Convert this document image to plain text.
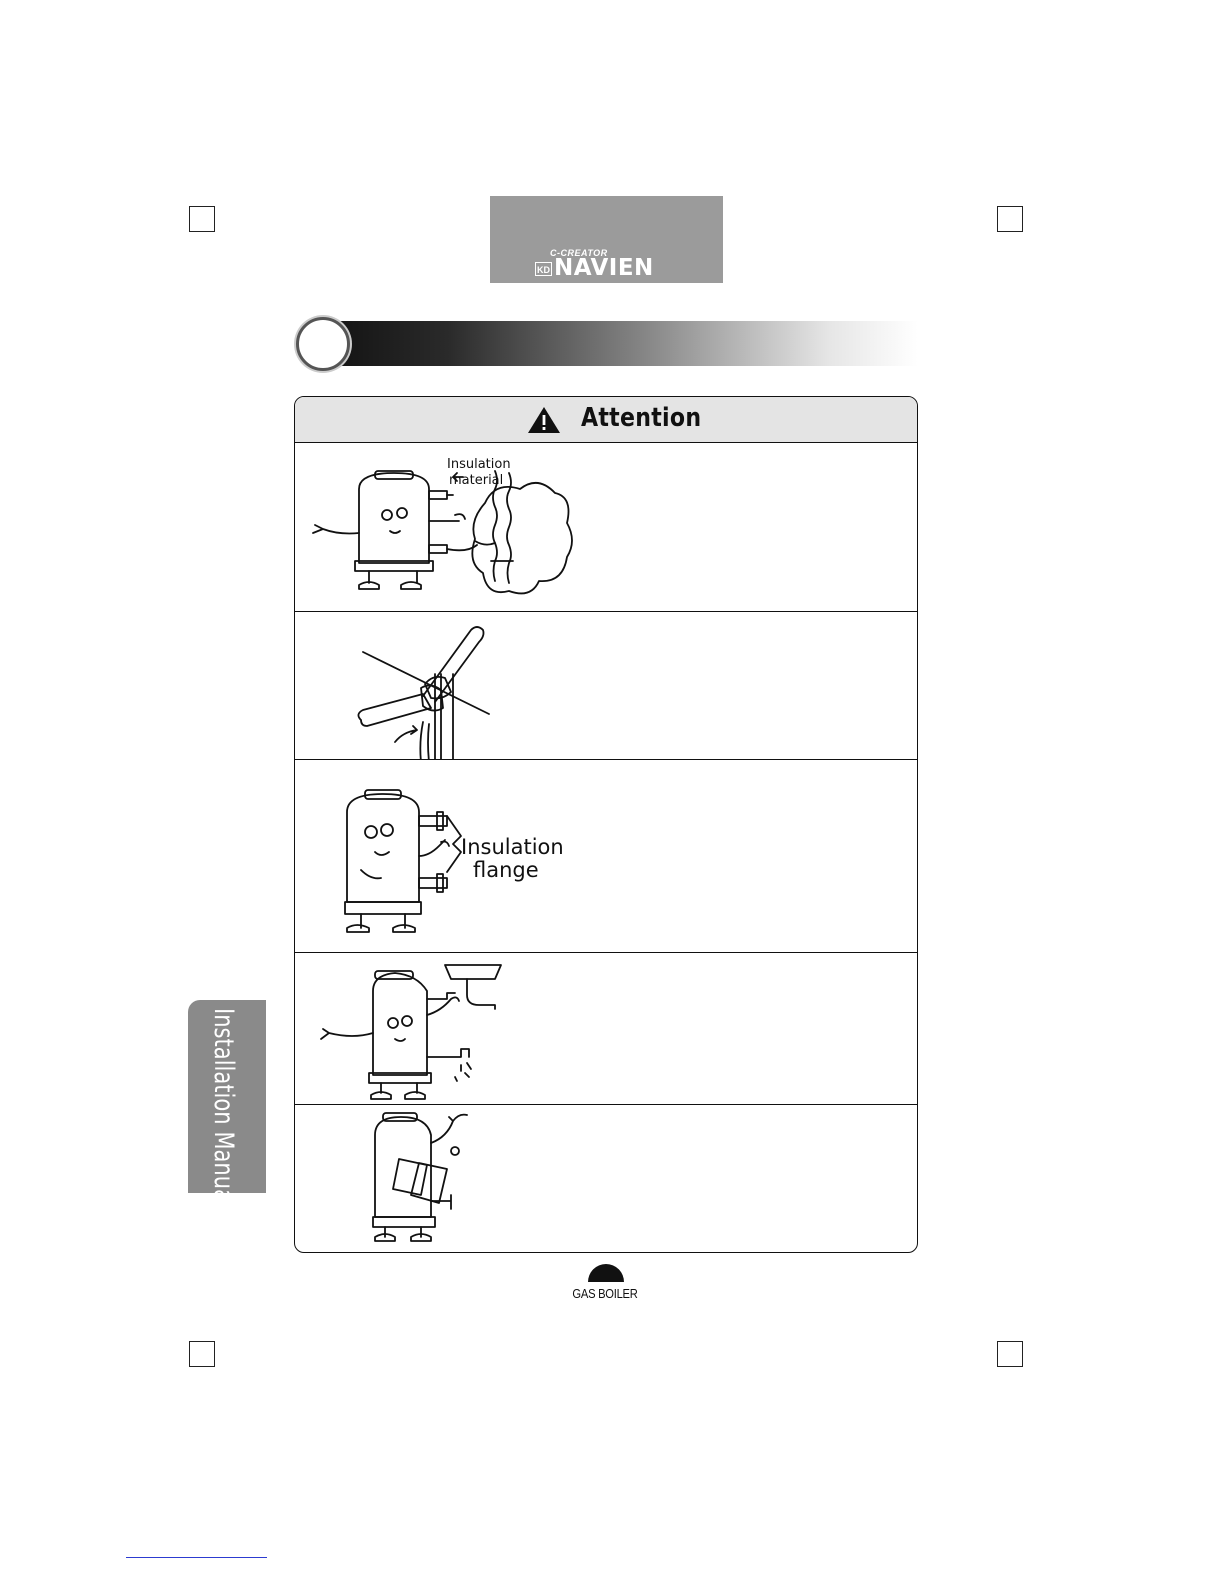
C-CREATOR
KD NAVIEN
Attention
Insulation
material
Insulation
flange
Installation Manual
GAS BOILER
